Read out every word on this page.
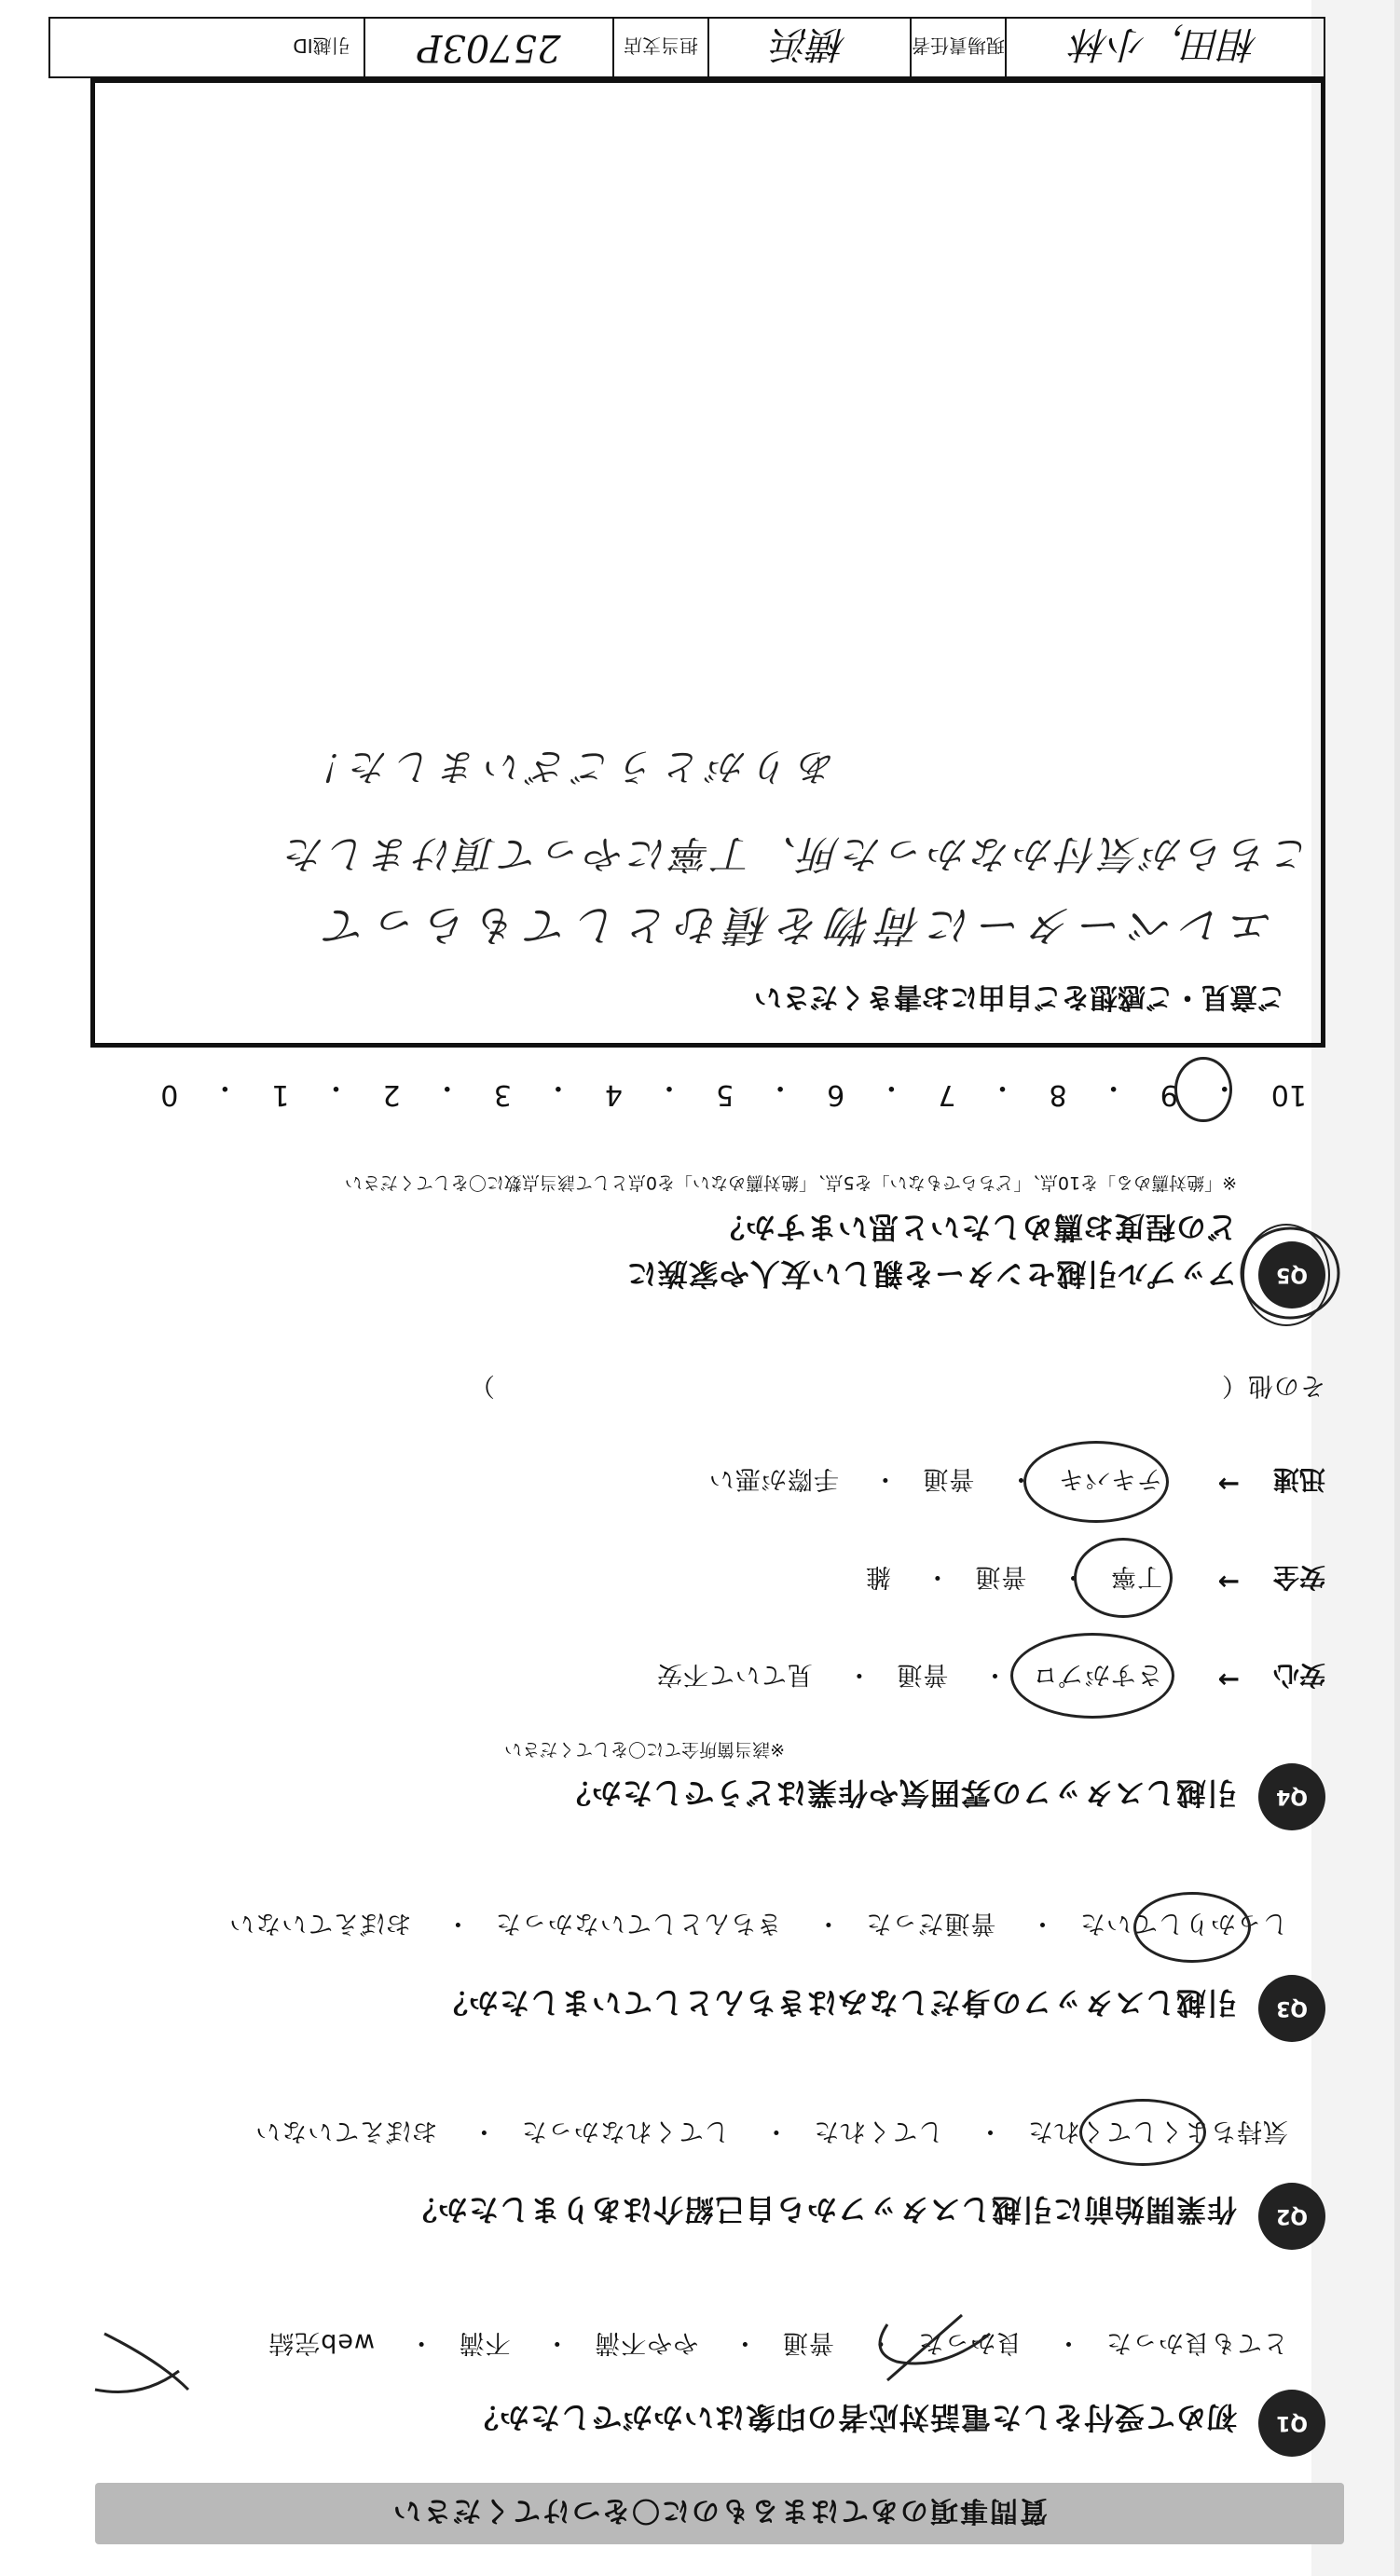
質問事項のあてはまるものに〇をつけてください
Q1
初めて受付をした電話対応者の印象はいかがでしたか？
とても良かった・ 良かった・ 普通・ やや不満・ 不満・ web完結
Q2
作業開始前に引越しスタッフから自己紹介はありましたか？
気持ちよくしてくれた・ してくれた・ してくれなかった・ おぼえていない
Q3
引越しスタッフの身だしなみはきちんとしていましたか？
しっかりしていた・ 普通だった・ きちんとしていなかった・ おぼえていない
Q4
引越しスタッフの雰囲気や作業はどうでしたか？
※該当箇所全てに〇をしてください
安心
→
さすがプロ・ 普通・ 見ていて不安
安全
→
丁寧・ 普通・ 雑
迅速
→
テキパキ・ 普通・ 手際が悪い
その他（  ）
Q5
アップル引越センターを親しい友人や家族に
どの程度お薦めしたいと思いますか？
※「絶対薦める」を10点、「どちらでもない」を5点、「絶対薦めない」を0点として該当点数に〇をしてください
10
・
9
・
8
・
7
・
6
・
5
・
4
・
3
・
2
・
1
・
0
ご意見・ご感想をご自由にお書きください
エレベーターに荷物を積むとしてもらって
こちらが気付かなかった所、丁寧にやって頂けました
ありがとうございました！
相田，小林
現場責任者
横浜
担当支店
25703P
引越ID
